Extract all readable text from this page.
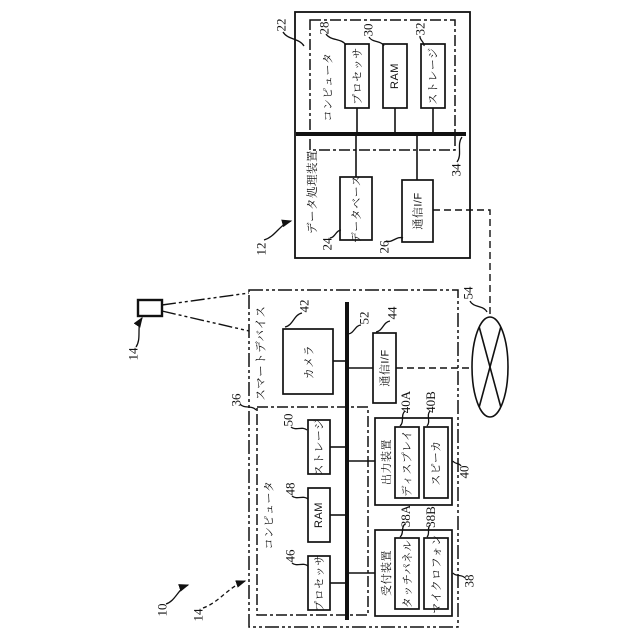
データ処理装置
コンピュータ プロセッサ RAM ストレージ
データベース	通信I/F
スマートデバイス
コンピュータ
カメラ	通信I/F
ストレージ
RAM
プロセッサ
出力装置 ディスプレイ スピーカ
受付装置 タッチパネル マイクロフォン
22 28 30	32
34
24	26
12
42
52 44
54
36
50
48
46
40A 40B
40
38A 38B
38
14
14
10
